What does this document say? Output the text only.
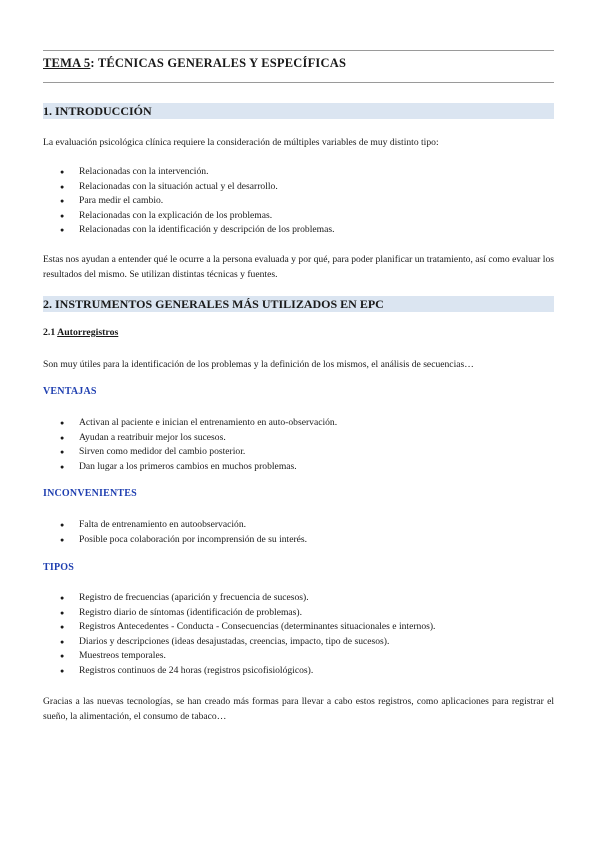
TEMA 5: TÉCNICAS GENERALES Y ESPECÍFICAS
1. INTRODUCCIÓN
La evaluación psicológica clínica requiere la consideración de múltiples variables de muy distinto tipo:
● Relacionadas con la intervención.
● Relacionadas con la situación actual y el desarrollo.
● Para medir el cambio.
● Relacionadas con la explicación de los problemas.
● Relacionadas con la identificación y descripción de los problemas.
Estas nos ayudan a entender qué le ocurre a la persona evaluada y por qué, para poder planificar un tratamiento, así como evaluar los resultados del mismo. Se utilizan distintas técnicas y fuentes.
2. INSTRUMENTOS GENERALES MÁS UTILIZADOS EN EPC
2.1 Autorregistros
Son muy útiles para la identificación de los problemas y la definición de los mismos, el análisis de secuencias…
VENTAJAS
● Activan al paciente e inician el entrenamiento en auto-observación.
● Ayudan a reatribuir mejor los sucesos.
● Sirven como medidor del cambio posterior.
● Dan lugar a los primeros cambios en muchos problemas.
INCONVENIENTES
● Falta de entrenamiento en autoobservación.
● Posible poca colaboración por incomprensión de su interés.
TIPOS
● Registro de frecuencias (aparición y frecuencia de sucesos).
● Registro diario de síntomas (identificación de problemas).
● Registros Antecedentes - Conducta - Consecuencias (determinantes situacionales e internos).
● Diarios y descripciones (ideas desajustadas, creencias, impacto, tipo de sucesos).
● Muestreos temporales.
● Registros continuos de 24 horas (registros psicofisiológicos).
Gracias a las nuevas tecnologías, se han creado más formas para llevar a cabo estos registros, como aplicaciones para registrar el sueño, la alimentación, el consumo de tabaco…
